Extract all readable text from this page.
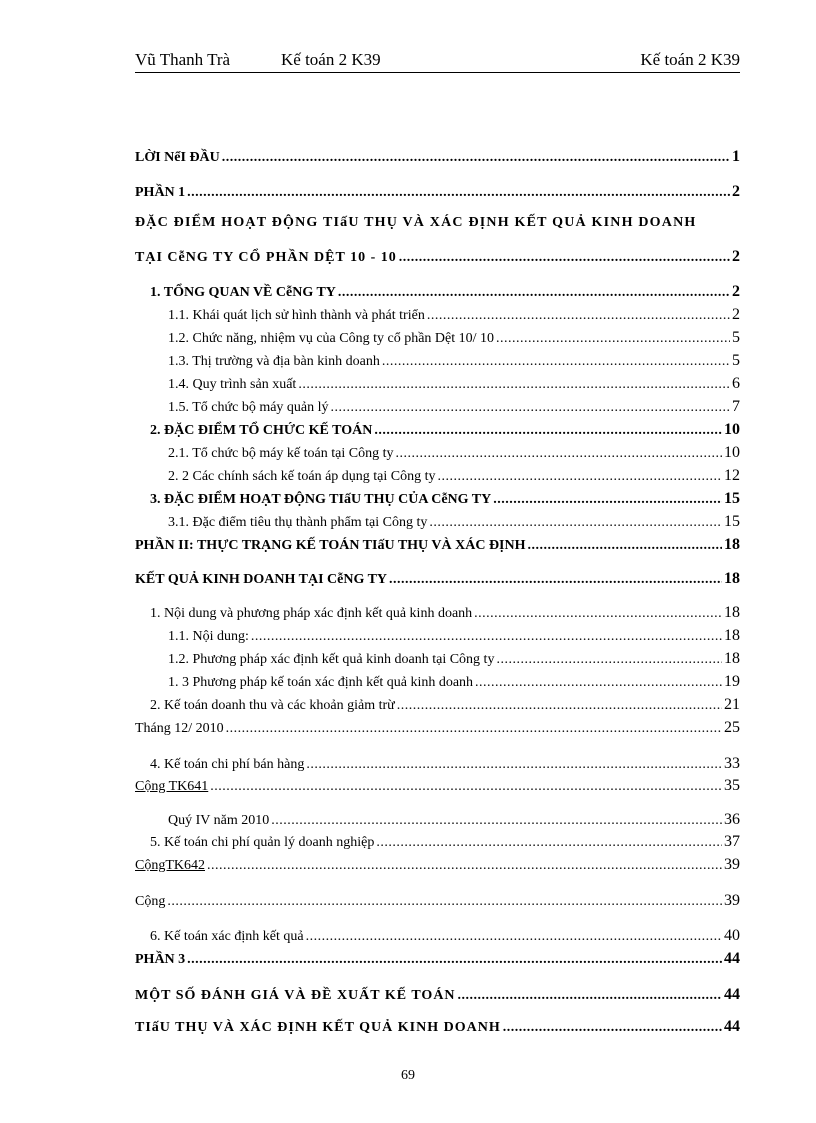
Vũ Thanh Trà	Kế toán 2 K39	Kế toán 2 K39
LỜI NểI ĐẦU .....	1
PHẦN 1 .....	2
ĐẶC ĐIỂM HOẠT ĐỘNG TIấU THỤ VÀ XÁC ĐỊNH KẾT QUẢ KINH DOANH
TẠI CễNG TY CỔ PHẦN DỆT 10 - 10 .....	2
1. TỔNG QUAN VỀ CễNG TY .....	2
1.1. Khái quát lịch sử hình thành và phát triển .....	2
1.2. Chức năng, nhiệm vụ của Công ty cổ phần Dệt 10/ 10 .....	5
1.3. Thị trường và địa bàn kinh doanh .....	5
1.4. Quy trình sản xuất .....	6
1.5. Tổ chức bộ máy quản lý .....	7
2. ĐẶC ĐIỂM TỔ CHỨC KẾ TOÁN .....	10
2.1. Tổ chức bộ máy kế toán tại Công ty .....	10
2. 2 Các chính sách kế toán áp dụng tại Công ty .....	12
3. ĐẶC ĐIỂM HOẠT ĐỘNG TIấU THỤ CỦA CễNG TY .....	15
3.1. Đặc điểm tiêu thụ thành phẩm tại Công ty .....	15
PHẦN II: THỰC TRẠNG KẾ TOÁN TIấU THỤ VÀ XÁC ĐỊNH .....	18
KẾT QUẢ KINH DOANH TẠI CễNG TY .....	18
1. Nội dung và phương pháp xác định kết quả kinh doanh .....	18
1.1. Nội dung: .....	18
1.2. Phương pháp xác định kết quả kinh doanh tại Công ty .....	18
1. 3 Phương pháp kế toán xác định kết quả kinh doanh .....	19
2. Kế toán doanh thu và các khoản giảm trừ .....	21
Tháng 12/ 2010 .....	25
4. Kế toán chi phí bán hàng .....	33
Cộng TK641 .....	35
Quý IV năm 2010 .....	36
5. Kế toán chi phí quản lý doanh nghiệp .....	37
CộngTK642 .....	39
Cộng .....	39
6. Kế toán xác định kết quả .....	40
PHẦN 3 .....	44
MỘT SỐ ĐÁNH GIÁ VÀ ĐỀ XUẤT KẾ TOÁN .....	44
TIấU THỤ VÀ XÁC ĐỊNH KẾT QUẢ KINH DOANH .....	44
69
